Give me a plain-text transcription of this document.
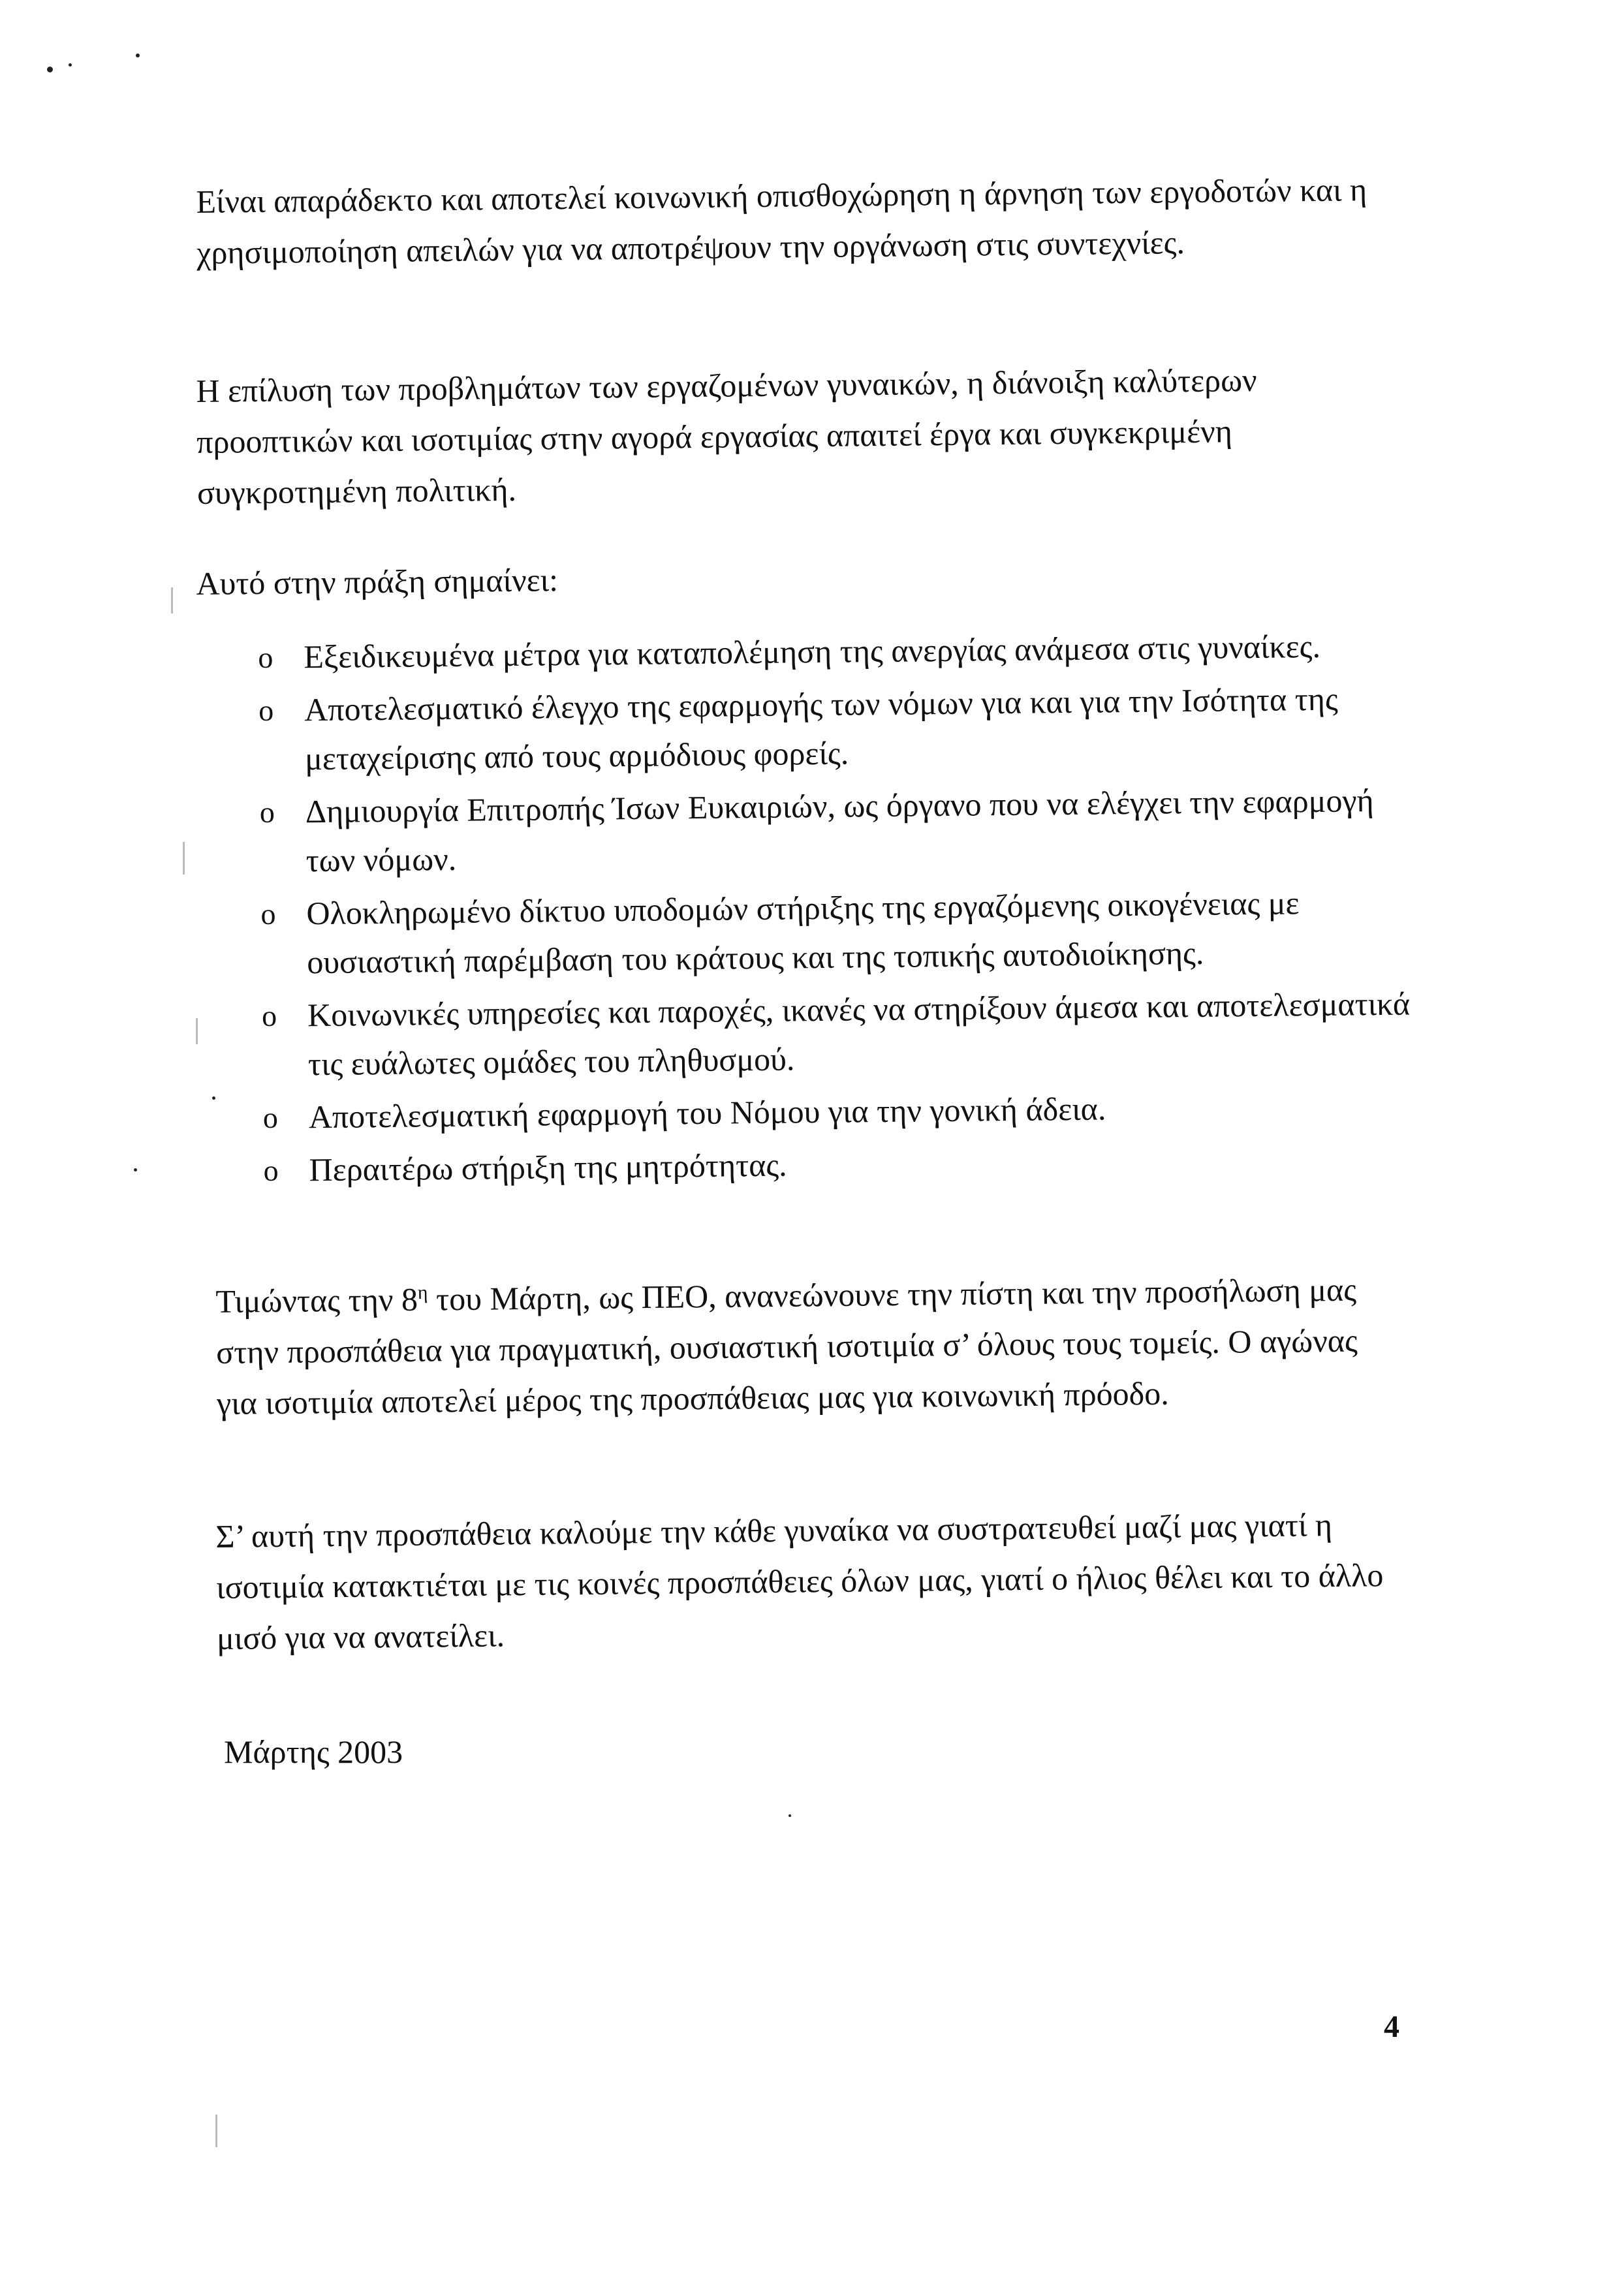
Είναι απαράδεκτο και αποτελεί κοινωνική οπισθοχώρηση η άρνηση των εργοδοτών και η χρησιμοποίηση απειλών για να αποτρέψουν την οργάνωση στις συντεχνίες.

Η επίλυση των προβλημάτων των εργαζομένων γυναικών, η διάνοιξη καλύτερων προοπτικών και ισοτιμίας στην αγορά εργασίας απαιτεί έργα και συγκεκριμένη συγκροτημένη πολιτική.

Αυτό στην πράξη σημαίνει:

o Εξειδικευμένα μέτρα για καταπολέμηση της ανεργίας ανάμεσα στις γυναίκες.
o Αποτελεσματικό έλεγχο της εφαρμογής των νόμων για και για την Ισότητα της μεταχείρισης από τους αρμόδιους φορείς.
o Δημιουργία Επιτροπής Ίσων Ευκαιριών, ως όργανο που να ελέγχει την εφαρμογή των νόμων.
o Ολοκληρωμένο δίκτυο υποδομών στήριξης της εργαζόμενης οικογένειας με ουσιαστική παρέμβαση του κράτους και της τοπικής αυτοδιοίκησης.
o Κοινωνικές υπηρεσίες και παροχές, ικανές να στηρίξουν άμεσα και αποτελεσματικά τις ευάλωτες ομάδες του πληθυσμού.
o Αποτελεσματική εφαρμογή του Νόμου για την γονική άδεια.
o Περαιτέρω στήριξη της μητρότητας.

Τιμώντας την $8^\eta$ του Μάρτη, ως ΠΕΟ, ανανεώνουνε την πίστη και την προσήλωση μας στην προσπάθεια για πραγματική, ουσιαστική ισοτιμία σ’ όλους τους τομείς. Ο αγώνας για ισοτιμία αποτελεί μέρος της προσπάθειας μας για κοινωνική πρόοδο.

Σ’ αυτή την προσπάθεια καλούμε την κάθε γυναίκα να συστρατευθεί μαζί μας γιατί η ισοτιμία κατακτιέται με τις κοινές προσπάθειες όλων μας, γιατί ο ήλιος θέλει και το άλλο μισό για να ανατείλει.

Μάρτης 2003

4
